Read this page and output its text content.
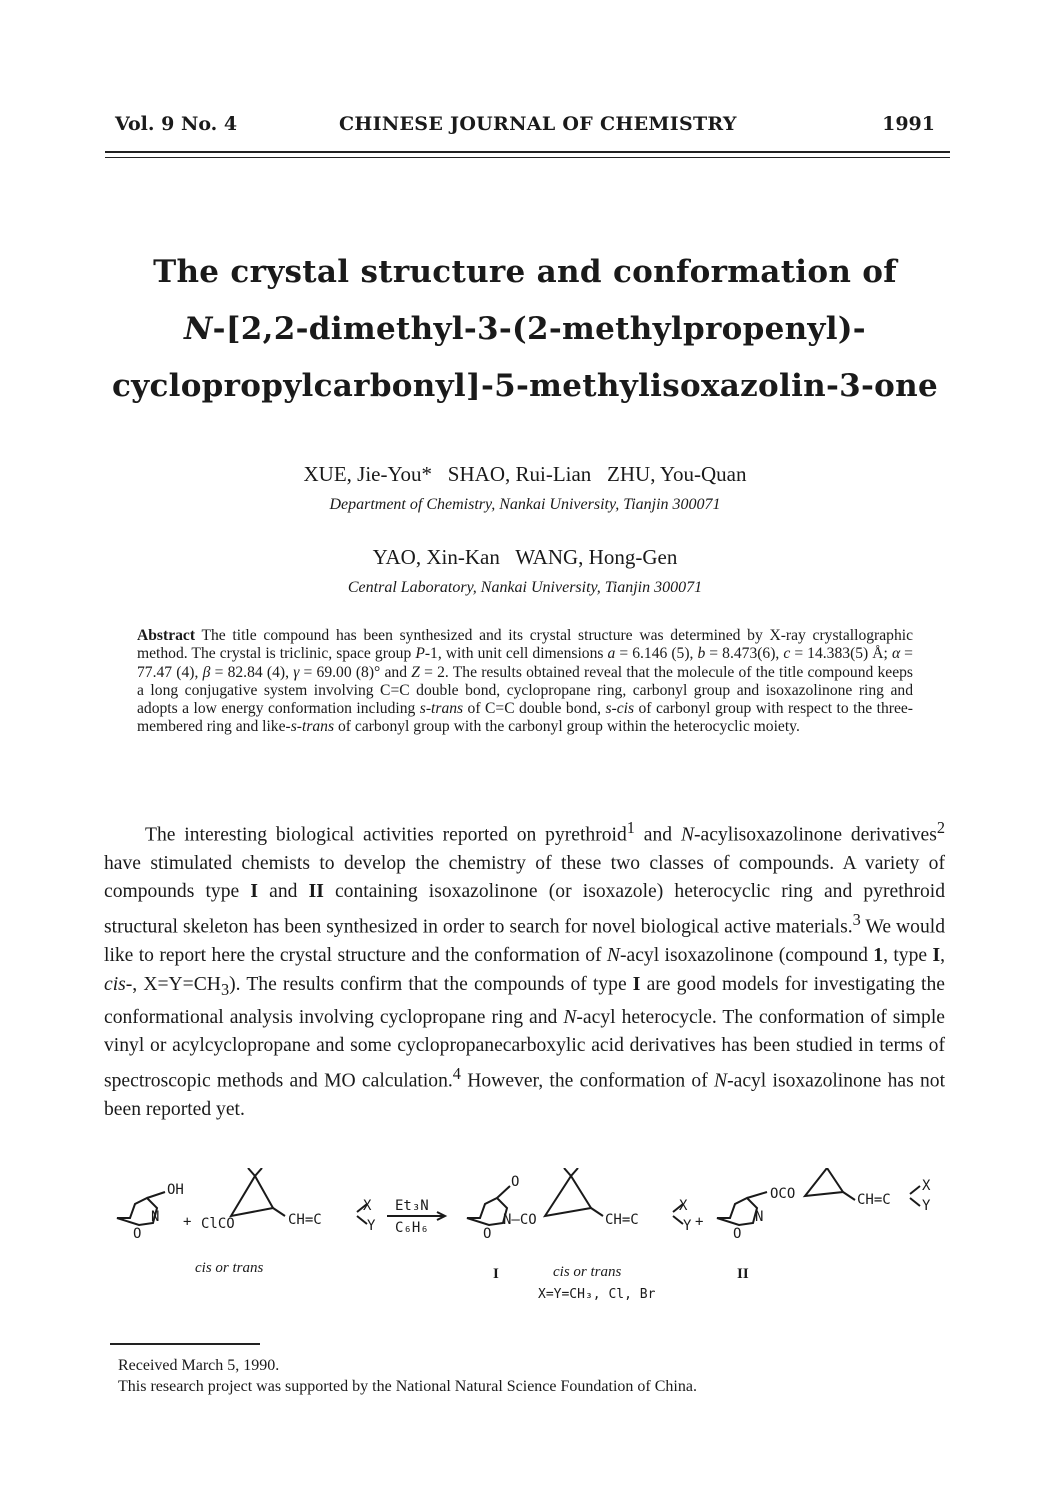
Vol. 9 No. 4	CHINESE JOURNAL OF CHEMISTRY	1991
The crystal structure and conformation of
N-[2,2-dimethyl-3-(2-methylpropenyl)-
cyclopropylcarbonyl]-5-methylisoxazolin-3-one
XUE, Jie-You*   SHAO, Rui-Lian   ZHU, You-Quan
Department of Chemistry, Nankai University, Tianjin 300071
YAO, Xin-Kan   WANG, Hong-Gen
Central Laboratory, Nankai University, Tianjin 300071
Abstract The title compound has been synthesized and its crystal structure was determined by X-ray crystallographic method. The crystal is triclinic, space group P-1, with unit cell dimensions a = 6.146 (5), b = 8.473(6), c = 14.383(5) Å; α = 77.47 (4), β = 82.84 (4), γ = 69.00 (8)° and Z = 2. The results obtained reveal that the molecule of the title compound keeps a long conjugative system involving C=C double bond, cyclopropane ring, carbonyl group and isoxazolinone ring and adopts a low energy conformation including s-trans of C=C double bond, s-cis of carbonyl group with respect to the three-membered ring and like-s-trans of carbonyl group with the carbonyl group within the heterocyclic moiety.

The interesting biological activities reported on pyrethroid$^1$ and N-acylisoxazolinone derivatives$^2$ have stimulated chemists to develop the chemistry of these two classes of compounds. A variety of compounds type I and II containing isoxazolinone (or isoxazole) heterocyclic ring and pyrethroid structural skeleton has been synthesized in order to search for novel biological active materials.$^3$ We would like to report here the crystal structure and the conformation of N-acyl isoxazolinone (compound 1, type I, cis-, $X=Y=CH_3$). The results confirm that the compounds of type I are good models for investigating the conformational analysis involving cyclopropane ring and N-acyl heterocycle. The conformation of simple vinyl or acylcyclopropane and some cyclopropanecarboxylic acid derivatives has been studied in terms of spectroscopic methods and MO calculation.$^4$ However, the conformation of N-acyl isoxazolinone has not been reported yet.

OH
N
O
+ ClCO	CH=C
X
Y
Et₃N
C₆H₆
O
N—CO
O
CH=C
X
Y +
OCO
N
O
CH=C
X
Y
cis or trans	I	cis or trans	II
X=Y=CH₃, Cl, Br
Received March 5, 1990.
This research project was supported by the National Natural Science Foundation of China.
